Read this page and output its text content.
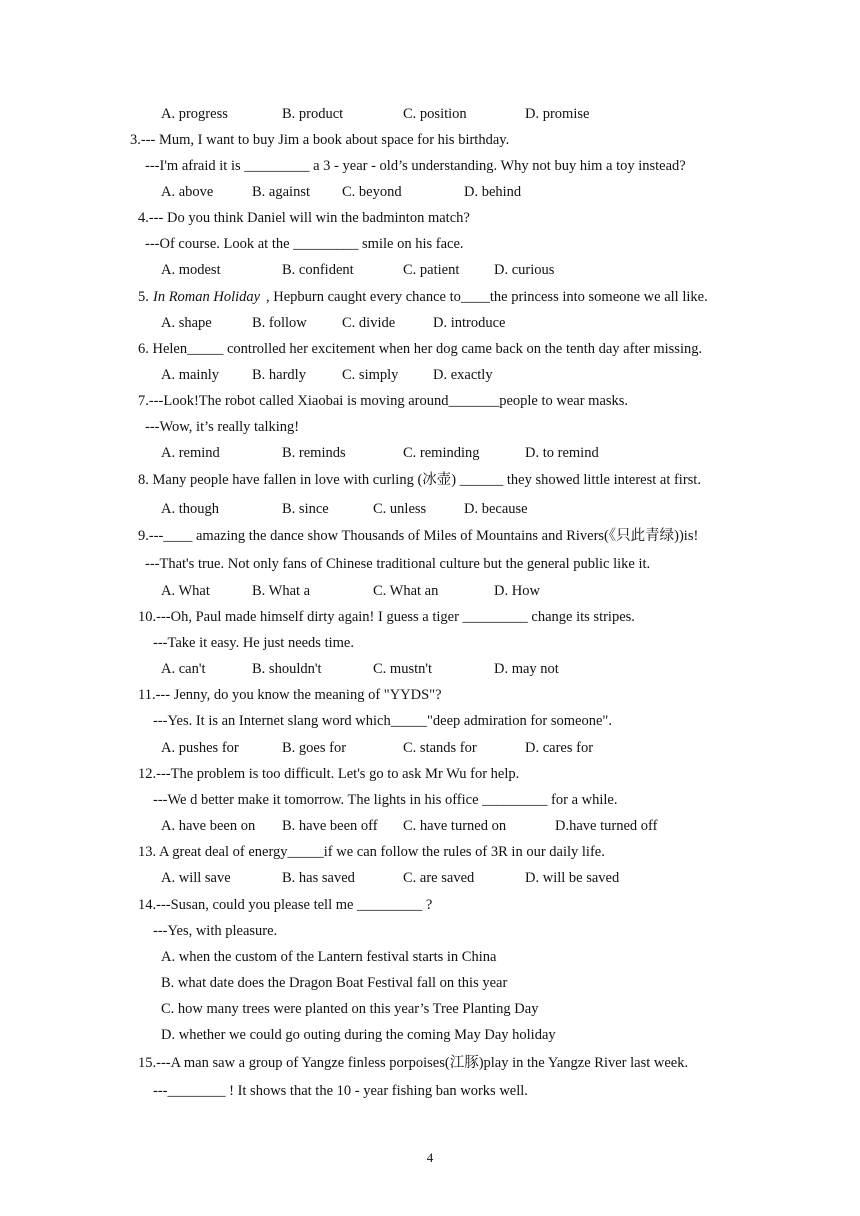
A. progress	B. product	C. position	D. promise
3.--- Mum, I want to buy Jim a book about space for his birthday.
---I'm afraid it is _________ a 3 - year - old’s understanding. Why not buy him a toy instead?
A. above	B. against C. beyond	D. behind
4.--- Do you think Daniel will win the badminton match?
---Of course. Look at the _________ smile on his face.
A. modest	B. confident	C. patient D. curious
5. In Roman Holiday , Hepburn caught every chance to____the princess into someone we all like.
A. shape	B. follow C. divide	D. introduce
6. Helen_____ controlled her excitement when her dog came back on the tenth day after missing.
A. mainly B. hardly C. simply D. exactly
7.---Look!The robot called Xiaobai is moving around_______people to wear masks.
---Wow, it’s really talking!
A. remind	B. reminds	C. reminding	D. to remind
8. Many people have fallen in love with curling (冰壶) ______ they showed little interest at first.
A. though	B. since	C. unless	D. because
9.---____ amazing the dance show Thousands of Miles of Mountains and Rivers(《只此青绿))is!
---That's true. Not only fans of Chinese traditional culture but the general public like it.
A. What	B. What a	C. What an	D. How
10.---Oh, Paul made himself dirty again! I guess a tiger _________ change its stripes.
---Take it easy. He just needs time.
A. can't	B. shouldn't	C. mustn't	D. may not
11.--- Jenny, do you know the meaning of "YYDS"?
---Yes. It is an Internet slang word which_____"deep admiration for someone".
A. pushes for	B. goes for	C. stands for	D. cares for
12.---The problem is too difficult. Let's go to ask Mr Wu for help.
---We d better make it tomorrow. The lights in his office _________ for a while.
A. have been on B. have been off C. have turned on	D.have turned off
13. A great deal of energy_____if we can follow the rules of 3R in our daily life.
A. will save	B. has saved	C. are saved	D. will be saved
14.---Susan, could you please tell me _________ ?
---Yes, with pleasure.
A. when the custom of the Lantern festival starts in China
B. what date does the Dragon Boat Festival fall on this year
C. how many trees were planted on this year’s Tree Planting Day
D. whether we could go outing during the coming May Day holiday
15.---A man saw a group of Yangze finless porpoises(江豚)play in the Yangze River last week.
---________ ! It shows that the 10 - year fishing ban works well.
4
